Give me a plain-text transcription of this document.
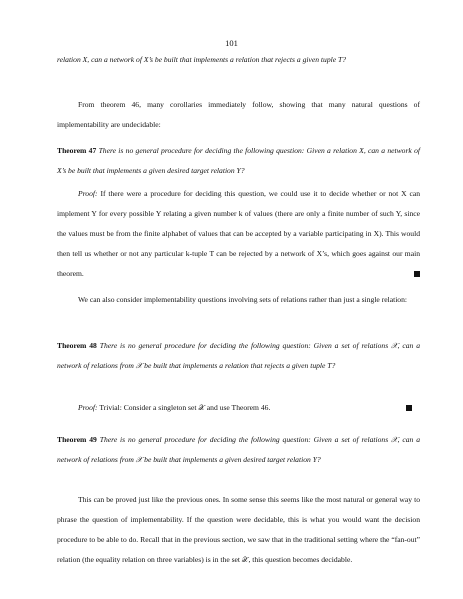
101

relation X, can a network of X’s be built that implements a relation that rejects a given tuple T?

From theorem 46, many corollaries immediately follow, showing that many natural questions of implementability are undecidable:

Theorem 47 There is no general procedure for deciding the following question: Given a relation X, can a network of X’s be built that implements a given desired target relation Y?

Proof: If there were a procedure for deciding this question, we could use it to decide whether or not X can implement Y for every possible Y relating a given number k of values (there are only a finite number of such Y, since the values must be from the finite alphabet of values that can be accepted by a variable participating in X). This would then tell us whether or not any particular k-tuple T can be rejected by a network of X’s, which goes against our main theorem.

We can also consider implementability questions involving sets of relations rather than just a single relation:

Theorem 48 There is no general procedure for deciding the following question: Given a set of relations 𝒳, can a network of relations from 𝒳 be built that implements a relation that rejects a given tuple T?

Proof: Trivial: Consider a singleton set 𝒳 and use Theorem 46.

Theorem 49 There is no general procedure for deciding the following question: Given a set of relations 𝒳, can a network of relations from 𝒳 be built that implements a given desired target relation Y?

This can be proved just like the previous ones. In some sense this seems like the most natural or general way to phrase the question of implementability. If the question were decidable, this is what you would want the decision procedure to be able to do. Recall that in the previous section, we saw that in the traditional setting where the “fan-out” relation (the equality relation on three variables) is in the set 𝒳, this question becomes decidable.
